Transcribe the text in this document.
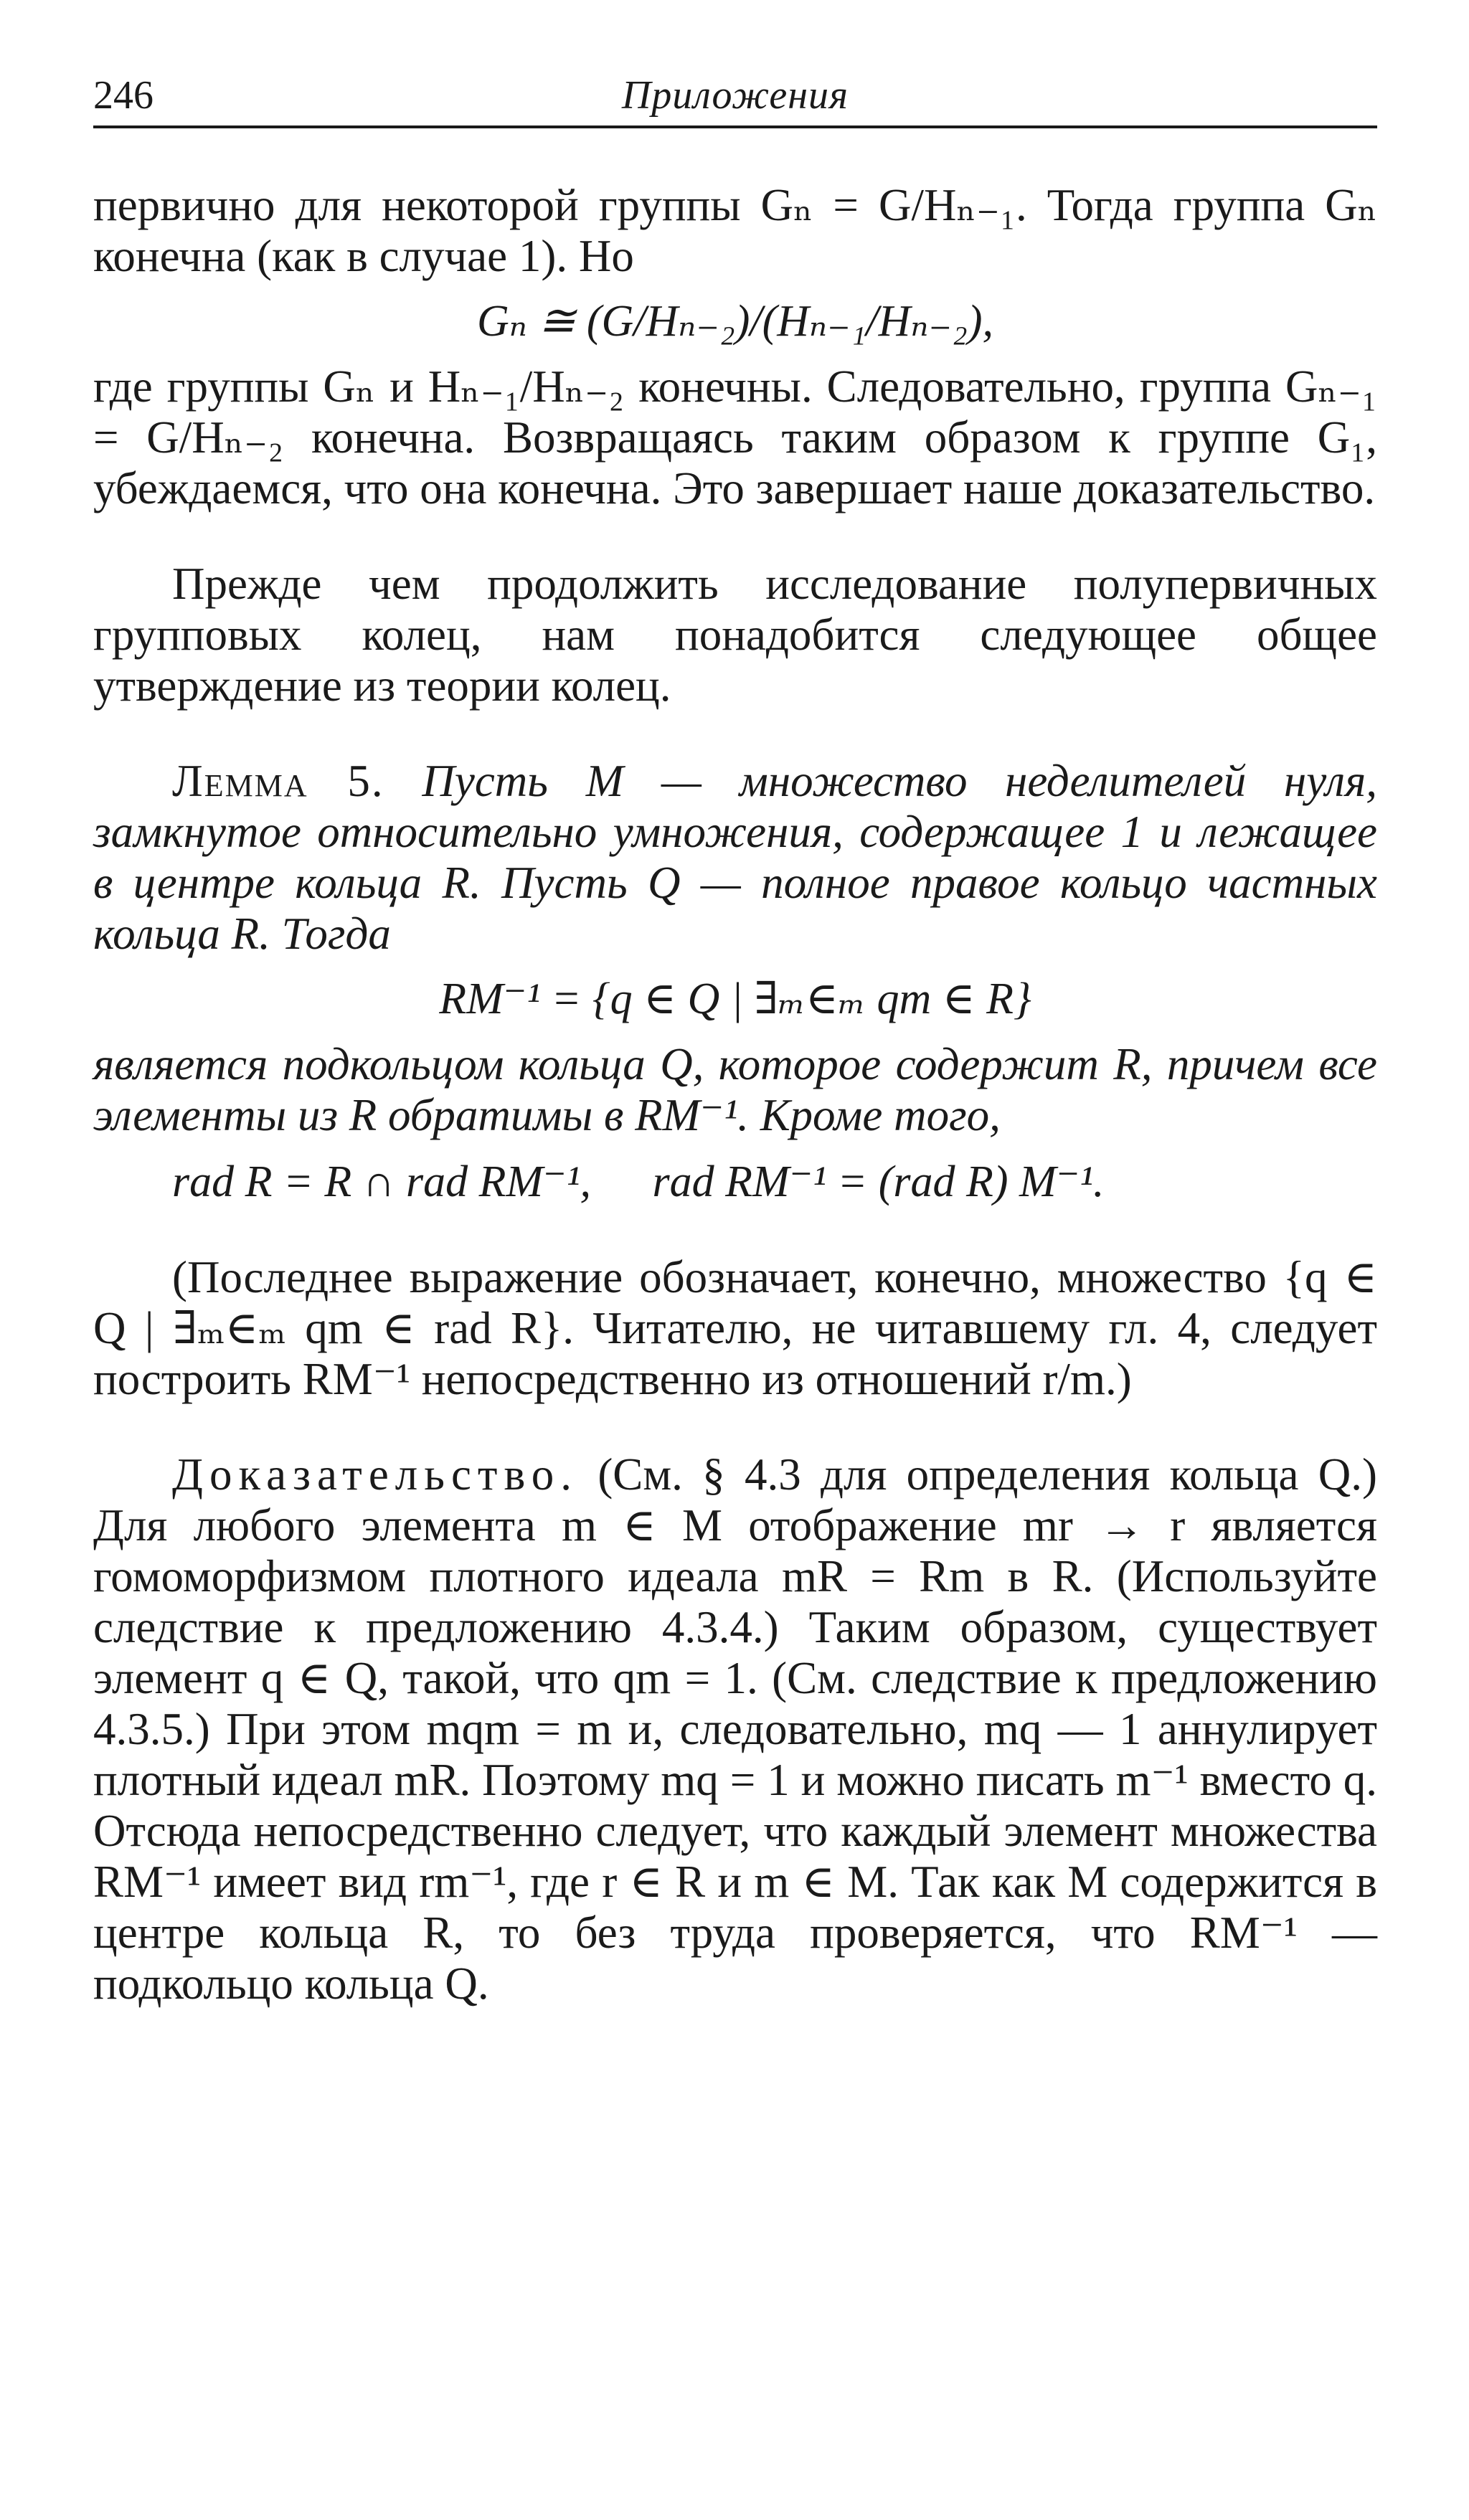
246	Приложения

первично для некоторой группы Gₙ = G/Hₙ₋₁. Тогда группа Gₙ конечна (как в случае 1). Но

Gₙ ≅ (G/Hₙ₋₂)/(Hₙ₋₁/Hₙ₋₂),

где группы Gₙ и Hₙ₋₁/Hₙ₋₂ конечны. Следовательно, группа Gₙ₋₁ = G/Hₙ₋₂ конечна. Возвращаясь таким образом к группе G₁, убеждаемся, что она конечна. Это завершает наше доказательство.

Прежде чем продолжить исследование полупервичных групповых колец, нам понадобится следующее общее утверждение из теории колец.

Лемма 5. Пусть M — множество неделителей нуля, замкнутое относительно умножения, содержащее 1 и лежащее в центре кольца R. Пусть Q — полное правое кольцо частных кольца R. Тогда

RM⁻¹ = {q ∈ Q | ∃ₘ∈ₘ qm ∈ R}

является подкольцом кольца Q, которое содержит R, причем все элементы из R обратимы в RM⁻¹. Кроме того,

rad R = R ∩ rad RM⁻¹, rad RM⁻¹ = (rad R) M⁻¹.

(Последнее выражение обозначает, конечно, множество {q ∈ Q | ∃ₘ∈ₘ qm ∈ rad R}. Читателю, не читавшему гл. 4, следует построить RM⁻¹ непосредственно из отношений r/m.)

Доказательство. (См. § 4.3 для определения кольца Q.) Для любого элемента m ∈ M отображение mr → r является гомоморфизмом плотного идеала mR = Rm в R. (Используйте следствие к предложению 4.3.4.) Таким образом, существует элемент q ∈ Q, такой, что qm = 1. (См. следствие к предложению 4.3.5.) При этом mqm = m и, следовательно, mq — 1 аннулирует плотный идеал mR. Поэтому mq = 1 и можно писать m⁻¹ вместо q. Отсюда непосредственно следует, что каждый элемент множества RM⁻¹ имеет вид rm⁻¹, где r ∈ R и m ∈ M. Так как M содержится в центре кольца R, то без труда проверяется, что RM⁻¹ — подкольцо кольца Q.
